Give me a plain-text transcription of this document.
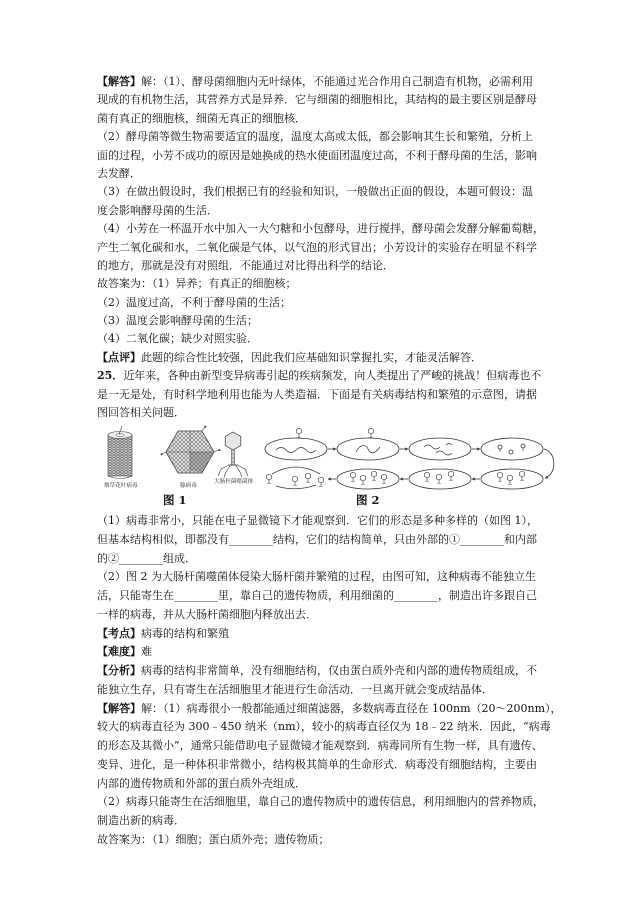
【解答】解：（1）、酵母菌细胞内无叶绿体，不能通过光合作用自己制造有机物，必需利用
现成的有机物生活，其营养方式是异养．它与细菌的细胞相比，其结构的最主要区别是酵母
菌有真正的细胞核，细菌无真正的细胞核．
（2）酵母菌等微生物需要适宜的温度，温度太高或太低，都会影响其生长和繁殖，分析上
面的过程，小芳不成功的原因是她换成的热水使面团温度过高，不利于酵母菌的生活，影响
去发酵．
（3）在做出假设时，我们根据已有的经验和知识，一般做出正面的假设，本题可假设：温
度会影响酵母菌的生活．
（4）小芳在一杯温开水中加入一大勺糖和小包酵母，进行搅拌，酵母菌会发酵分解葡萄糖，
产生二氧化碳和水，二氧化碳是气体，以气泡的形式冒出；小芳设计的实验存在明显不科学
的地方，那就是没有对照组．不能通过对比得出科学的结论．
故答案为：（1）异养；有真正的细胞核；
（2）温度过高，不利于酵母菌的生活；
（3）温度会影响酵母菌的生活；
（4）二氧化碳；缺少对照实验．
【点评】此题的综合性比较强，因此我们应基础知识掌握扎实，才能灵活解答．
25．近年来，各种由新型变异病毒引起的疾病频发，向人类提出了严峻的挑战！但病毒也不
是一无是处，有时科学地利用也能为人类造福．下面是有关病毒结构和繁殖的示意图，请据
图回答相关问题．
烟草花叶病毒	腺病毒
大肠杆菌噬菌体
图 1	图 2
（1）病毒非常小，只能在电子显微镜下才能观察到．它们的形态是多种多样的（如图 1），
但基本结构相似，即都没有________结构，它们的结构简单，只由外部的①________和内部
的②________组成．
（2）图 2 为大肠杆菌噬菌体侵染大肠杆菌并繁殖的过程，由图可知，这种病毒不能独立生
活，只能寄生在________里，靠自己的遗传物质，利用细菌的________，制造出许多跟自己
一样的病毒，并从大肠杆菌细胞内释放出去．
【考点】病毒的结构和繁殖
【难度】难
【分析】病毒的结构非常简单，没有细胞结构，仅由蛋白质外壳和内部的遗传物质组成，不
能独立生存，只有寄生在活细胞里才能进行生命活动．一旦离开就会变成结晶体．
【解答】解：（1）病毒很小一般都能通过细菌滤器，多数病毒直径在 100nm（20～200nm），
较大的病毒直径为 300﹣450 纳米（nm），较小的病毒直径仅为 18﹣22 纳米．因此，“病毒
的形态及其微小”，通常只能借助电子显微镜才能观察到．病毒同所有生物一样，具有遗传、
变异、进化，是一种体积非常微小，结构极其简单的生命形式．病毒没有细胞结构，主要由
内部的遗传物质和外部的蛋白质外壳组成．
（2）病毒只能寄生在活细胞里，靠自己的遗传物质中的遗传信息，利用细胞内的营养物质，
制造出新的病毒．
故答案为：（1）细胞；蛋白质外壳；遗传物质；
